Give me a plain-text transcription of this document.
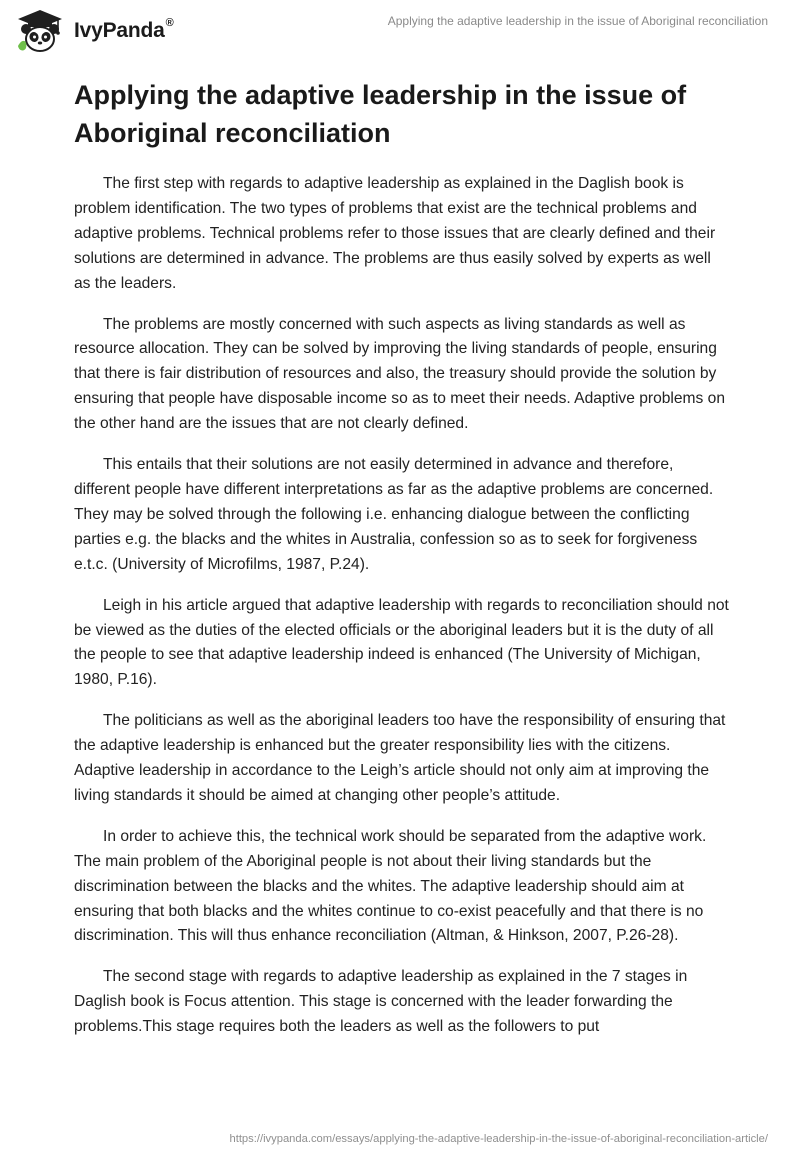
IvyPanda®	Applying the adaptive leadership in the issue of Aboriginal reconciliation
Applying the adaptive leadership in the issue of Aboriginal reconciliation

The first step with regards to adaptive leadership as explained in the Daglish book is problem identification. The two types of problems that exist are the technical problems and adaptive problems. Technical problems refer to those issues that are clearly defined and their solutions are determined in advance. The problems are thus easily solved by experts as well as the leaders.

The problems are mostly concerned with such aspects as living standards as well as resource allocation. They can be solved by improving the living standards of people, ensuring that there is fair distribution of resources and also, the treasury should provide the solution by ensuring that people have disposable income so as to meet their needs. Adaptive problems on the other hand are the issues that are not clearly defined.

This entails that their solutions are not easily determined in advance and therefore, different people have different interpretations as far as the adaptive problems are concerned. They may be solved through the following i.e. enhancing dialogue between the conflicting parties e.g. the blacks and the whites in Australia, confession so as to seek for forgiveness e.t.c. (University of Microfilms, 1987, P.24).

Leigh in his article argued that adaptive leadership with regards to reconciliation should not be viewed as the duties of the elected officials or the aboriginal leaders but it is the duty of all the people to see that adaptive leadership indeed is enhanced (The University of Michigan, 1980, P.16).

The politicians as well as the aboriginal leaders too have the responsibility of ensuring that the adaptive leadership is enhanced but the greater responsibility lies with the citizens. Adaptive leadership in accordance to the Leigh’s article should not only aim at improving the living standards it should be aimed at changing other people’s attitude.

In order to achieve this, the technical work should be separated from the adaptive work. The main problem of the Aboriginal people is not about their living standards but the discrimination between the blacks and the whites. The adaptive leadership should aim at ensuring that both blacks and the whites continue to co-exist peacefully and that there is no discrimination. This will thus enhance reconciliation (Altman, & Hinkson, 2007, P.26-28).

The second stage with regards to adaptive leadership as explained in the 7 stages in Daglish book is Focus attention. This stage is concerned with the leader forwarding the problems.This stage requires both the leaders as well as the followers to put

https://ivypanda.com/essays/applying-the-adaptive-leadership-in-the-issue-of-aboriginal-reconciliation-article/
